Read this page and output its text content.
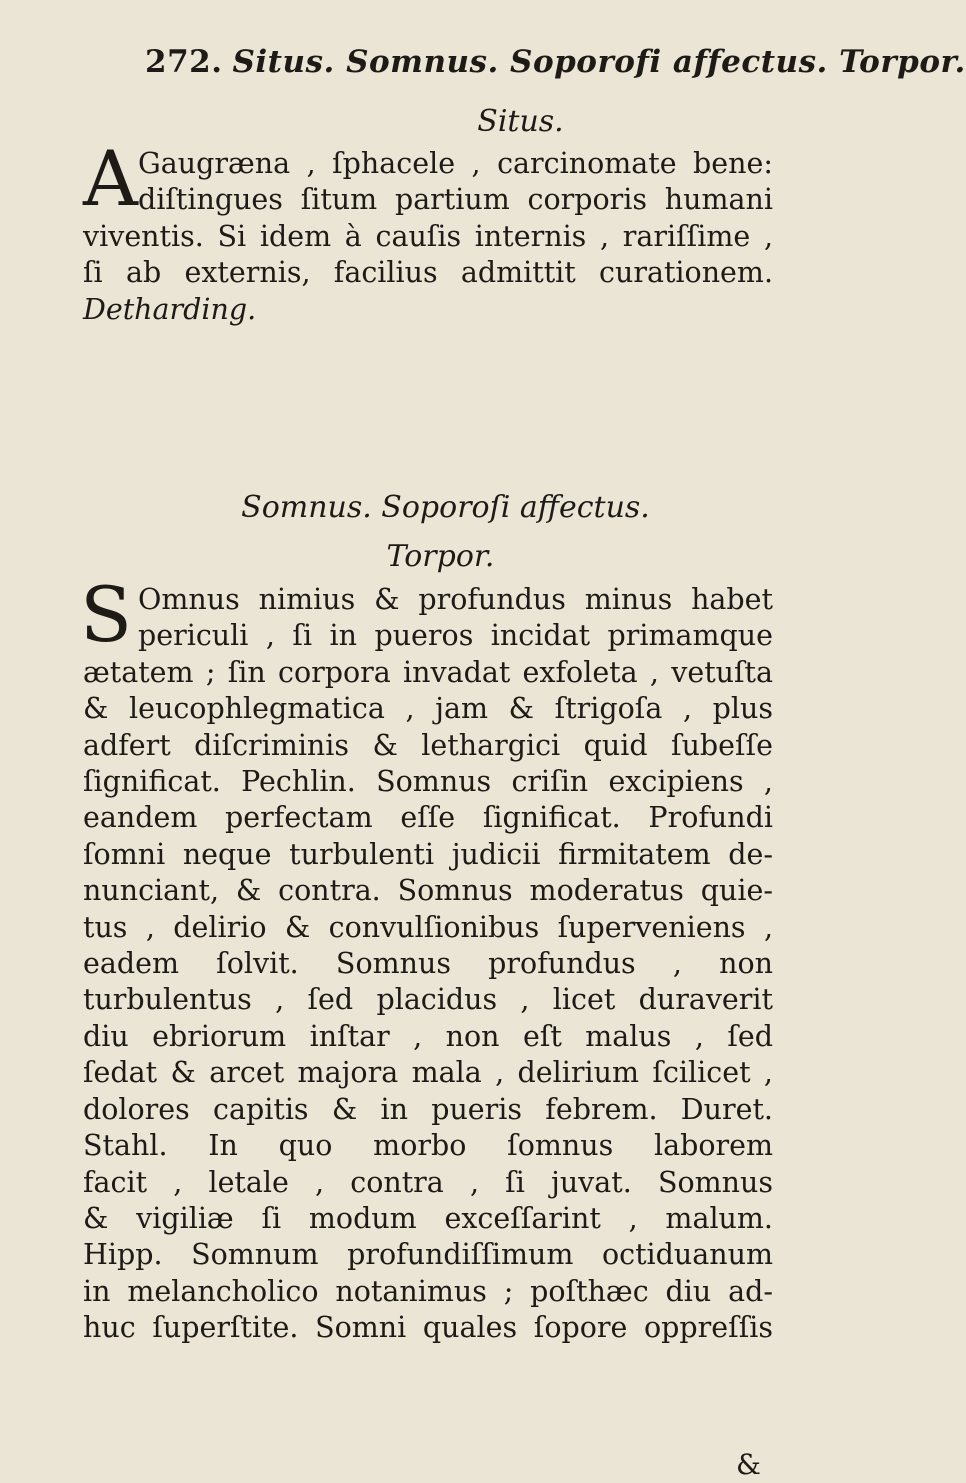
272. Situs. Somnus. Soporofi affectus. Torpor.
Situs.
A Gaugræna , ſphacele , carcinomate bene:
diſtingues ſitum partium corporis humani
viventis. Si idem à cauſis internis , rariſſime ,
ſi ab externis, facilius admittit curationem.
Detharding.
Somnus. Soporoſi affectus.
Torpor.
S Omnus nimius & profundus minus habet
periculi , ſi in pueros incidat primamque
ætatem ; ſin corpora invadat exfoleta , vetuſta
& leucophlegmatica , jam & ſtrigoſa , plus
adfert diſcriminis & lethargici quid ſubeſſe
ſignificat. Pechlin. Somnus criſin excipiens ,
eandem perfectam eſſe ſignificat. Profundi
ſomni neque turbulenti judicii firmitatem de-
nunciant, & contra. Somnus moderatus quie-
tus , delirio & convulſionibus ſuperveniens ,
eadem ſolvit. Somnus profundus , non
turbulentus , ſed placidus , licet duraverit
diu ebriorum inſtar , non eſt malus , ſed
ſedat & arcet majora mala , delirium ſcilicet ,
dolores capitis & in pueris febrem. Duret.
Stahl. In quo morbo ſomnus laborem
facit , letale , contra , ſi juvat. Somnus
& vigiliæ ſi modum exceſſarint , malum.
Hipp. Somnum profundiſſimum octiduanum
in melancholico notanimus ; poſthæc diu ad-
huc ſuperſtite. Somni quales ſopore oppreſſis
&
